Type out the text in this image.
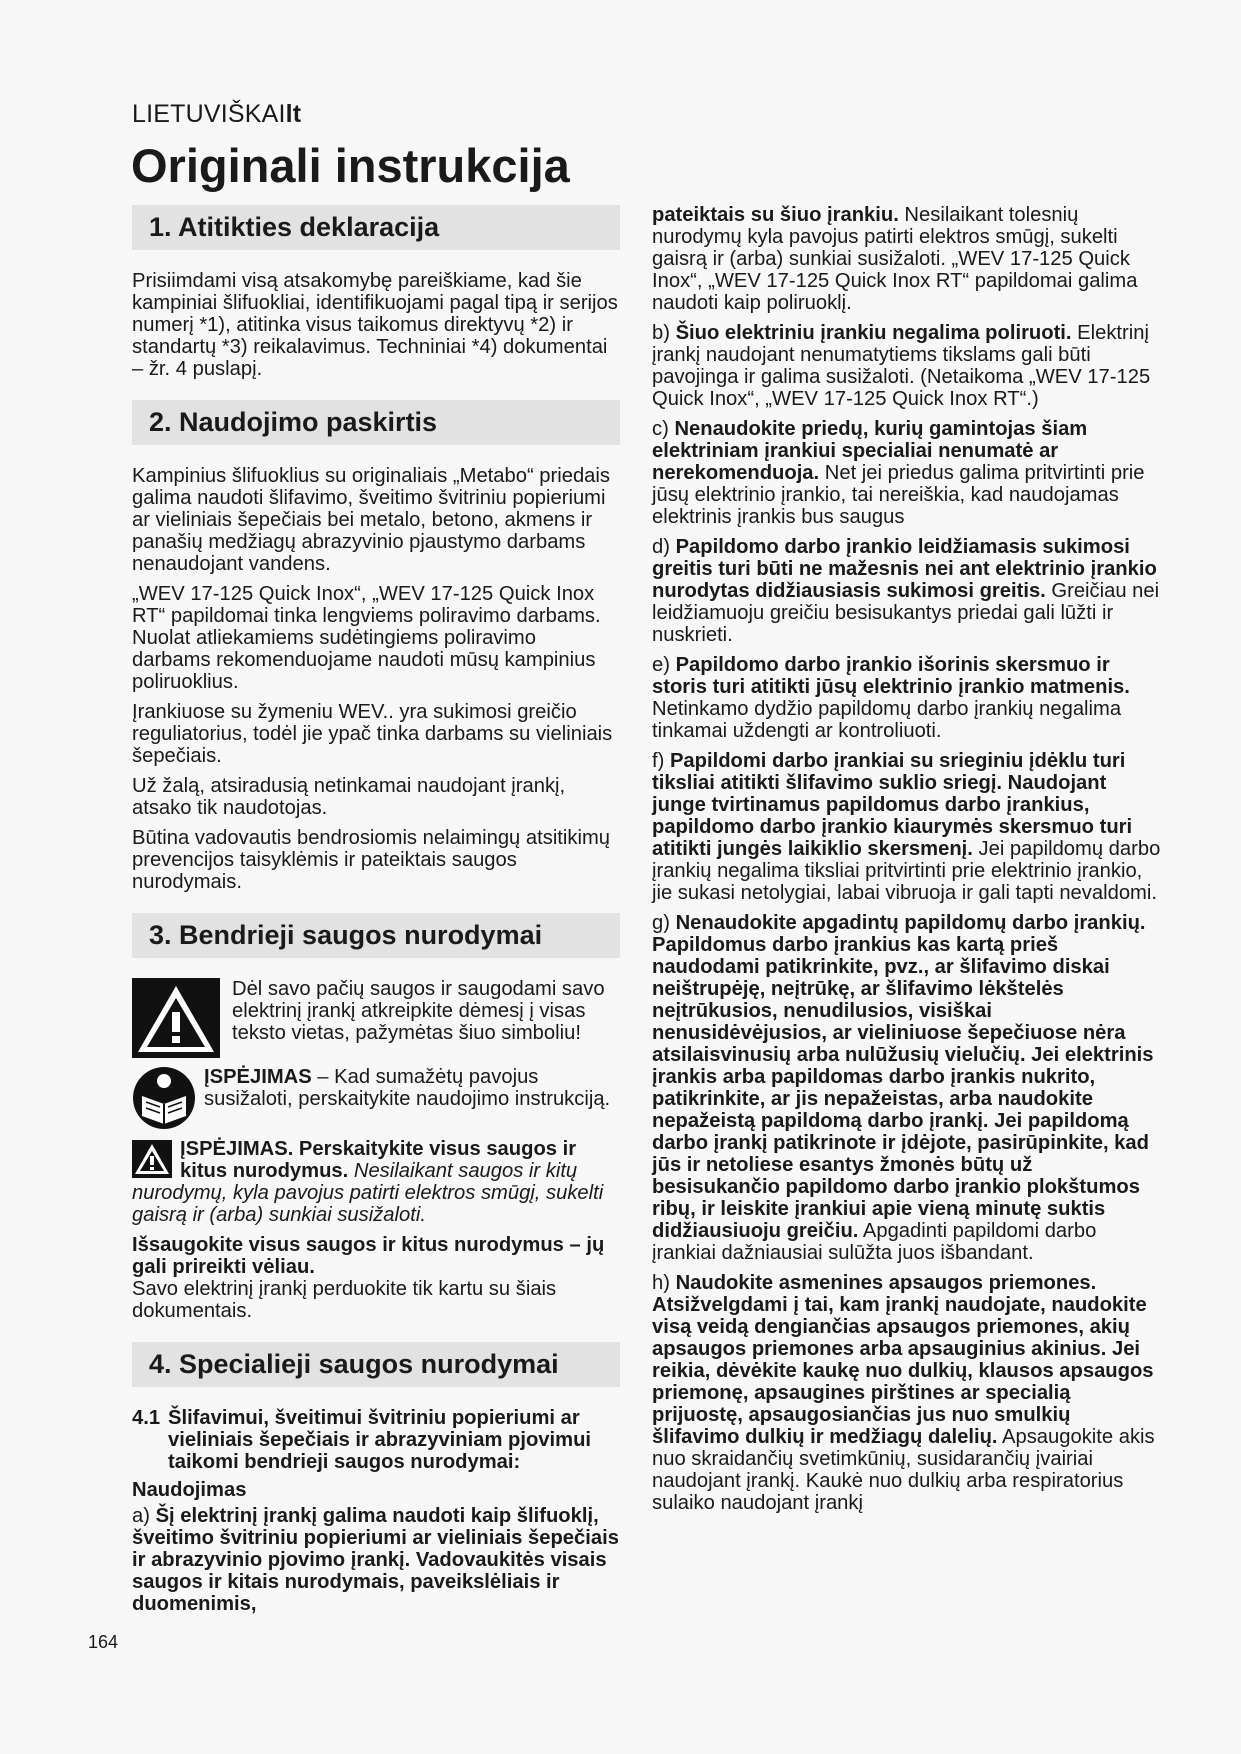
LIETUVIŠKAIlt
Originali instrukcija
1. Atitikties deklaracija

Prisiimdami visą atsakomybę pareiškiame, kad šie kampiniai šlifuokliai, identifikuojami pagal tipą ir serijos numerį *1), atitinka visus taikomus direktyvų *2) ir standartų *3) reikalavimus. Techniniai *4) dokumentai – žr. 4 puslapį.

2. Naudojimo paskirtis

Kampinius šlifuoklius su originaliais „Metabo“ priedais galima naudoti šlifavimo, šveitimo švitriniu popieriumi ar vieliniais šepečiais bei metalo, betono, akmens ir panašių medžiagų abrazyvinio pjaustymo darbams nenaudojant vandens.

„WEV 17-125 Quick Inox“, „WEV 17-125 Quick Inox RT“ papildomai tinka lengviems poliravimo darbams. Nuolat atliekamiems sudėtingiems poliravimo darbams rekomenduojame naudoti mūsų kampinius poliruoklius.

Įrankiuose su žymeniu WEV.. yra sukimosi greičio reguliatorius, todėl jie ypač tinka darbams su vieliniais šepečiais.

Už žalą, atsiradusią netinkamai naudojant įrankį, atsako tik naudotojas.

Būtina vadovautis bendrosiomis nelaimingų atsitikimų prevencijos taisyklėmis ir pateiktais saugos nurodymais.

3. Bendrieji saugos nurodymai
Dėl savo pačių saugos ir saugodami savo elektrinį įrankį atkreipkite dėmesį į visas teksto vietas, pažymėtas šiuo simboliu!
ĮSPĖJIMAS – Kad sumažėtų pavojus susižaloti, perskaitykite naudojimo instrukciją.
ĮSPĖJIMAS. Perskaitykite visus saugos ir kitus nurodymus. Nesilaikant saugos ir kitų nurodymų, kyla pavojus patirti elektros smūgį, sukelti gaisrą ir (arba) sunkiai susižaloti.

Išsaugokite visus saugos ir kitus nurodymus – jų gali prireikti vėliau.
Savo elektrinį įrankį perduokite tik kartu su šiais dokumentais.

4. Specialieji saugos nurodymai
4.1 Šlifavimui, šveitimui švitriniu popieriumi ar vieliniais šepečiais ir abrazyviniam pjovimui taikomi bendrieji saugos nurodymai:
Naudojimas

a) Šį elektrinį įrankį galima naudoti kaip šlifuoklį, šveitimo švitriniu popieriumi ar vieliniais šepečiais ir abrazyvinio pjovimo įrankį. Vadovaukitės visais saugos ir kitais nurodymais, paveikslėliais ir duomenimis,

pateiktais su šiuo įrankiu. Nesilaikant tolesnių nurodymų kyla pavojus patirti elektros smūgį, sukelti gaisrą ir (arba) sunkiai susižaloti. „WEV 17-125 Quick Inox“, „WEV 17-125 Quick Inox RT“ papildomai galima naudoti kaip poliruoklį.

b) Šiuo elektriniu įrankiu negalima poliruoti. Elektrinį įrankį naudojant nenumatytiems tikslams gali būti pavojinga ir galima susižaloti. (Netaikoma „WEV 17-125 Quick Inox“, „WEV 17-125 Quick Inox RT“.)

c) Nenaudokite priedų, kurių gamintojas šiam elektriniam įrankiui specialiai nenumatė ar nerekomenduoja. Net jei priedus galima pritvirtinti prie jūsų elektrinio įrankio, tai nereiškia, kad naudojamas elektrinis įrankis bus saugus

d) Papildomo darbo įrankio leidžiamasis sukimosi greitis turi būti ne mažesnis nei ant elektrinio įrankio nurodytas didžiausiasis sukimosi greitis. Greičiau nei leidžiamuoju greičiu besisukantys priedai gali lūžti ir nuskrieti.

e) Papildomo darbo įrankio išorinis skersmuo ir storis turi atitikti jūsų elektrinio įrankio matmenis. Netinkamo dydžio papildomų darbo įrankių negalima tinkamai uždengti ar kontroliuoti.

f) Papildomi darbo įrankiai su srieginiu įdėklu turi tiksliai atitikti šlifavimo suklio sriegį. Naudojant junge tvirtinamus papildomus darbo įrankius, papildomo darbo įrankio kiaurymės skersmuo turi atitikti jungės laikiklio skersmenį. Jei papildomų darbo įrankių negalima tiksliai pritvirtinti prie elektrinio įrankio, jie sukasi netolygiai, labai vibruoja ir gali tapti nevaldomi.

g) Nenaudokite apgadintų papildomų darbo įrankių. Papildomus darbo įrankius kas kartą prieš naudodami patikrinkite, pvz., ar šlifavimo diskai neištrupėję, neįtrūkę, ar šlifavimo lėkštelės neįtrūkusios, nenudilusios, visiškai nenusidėvėjusios, ar vieliniuose šepečiuose nėra atsilaisvinusių arba nulūžusių vielučių. Jei elektrinis įrankis arba papildomas darbo įrankis nukrito, patikrinkite, ar jis nepažeistas, arba naudokite nepažeistą papildomą darbo įrankį. Jei papildomą darbo įrankį patikrinote ir įdėjote, pasirūpinkite, kad jūs ir netoliese esantys žmonės būtų už besisukančio papildomo darbo įrankio plokštumos ribų, ir leiskite įrankiui apie vieną minutę suktis didžiausiuoju greičiu. Apgadinti papildomi darbo įrankiai dažniausiai sulūžta juos išbandant.

h) Naudokite asmenines apsaugos priemones. Atsižvelgdami į tai, kam įrankį naudojate, naudokite visą veidą dengiančias apsaugos priemones, akių apsaugos priemones arba apsauginius akinius. Jei reikia, dėvėkite kaukę nuo dulkių, klausos apsaugos priemonę, apsaugines pirštines ar specialią prijuostę, apsaugosiančias jus nuo smulkių šlifavimo dulkių ir medžiagų dalelių. Apsaugokite akis nuo skraidančių svetimkūnių, susidarančių įvairiai naudojant įrankį. Kaukė nuo dulkių arba respiratorius sulaiko naudojant įrankį

164
